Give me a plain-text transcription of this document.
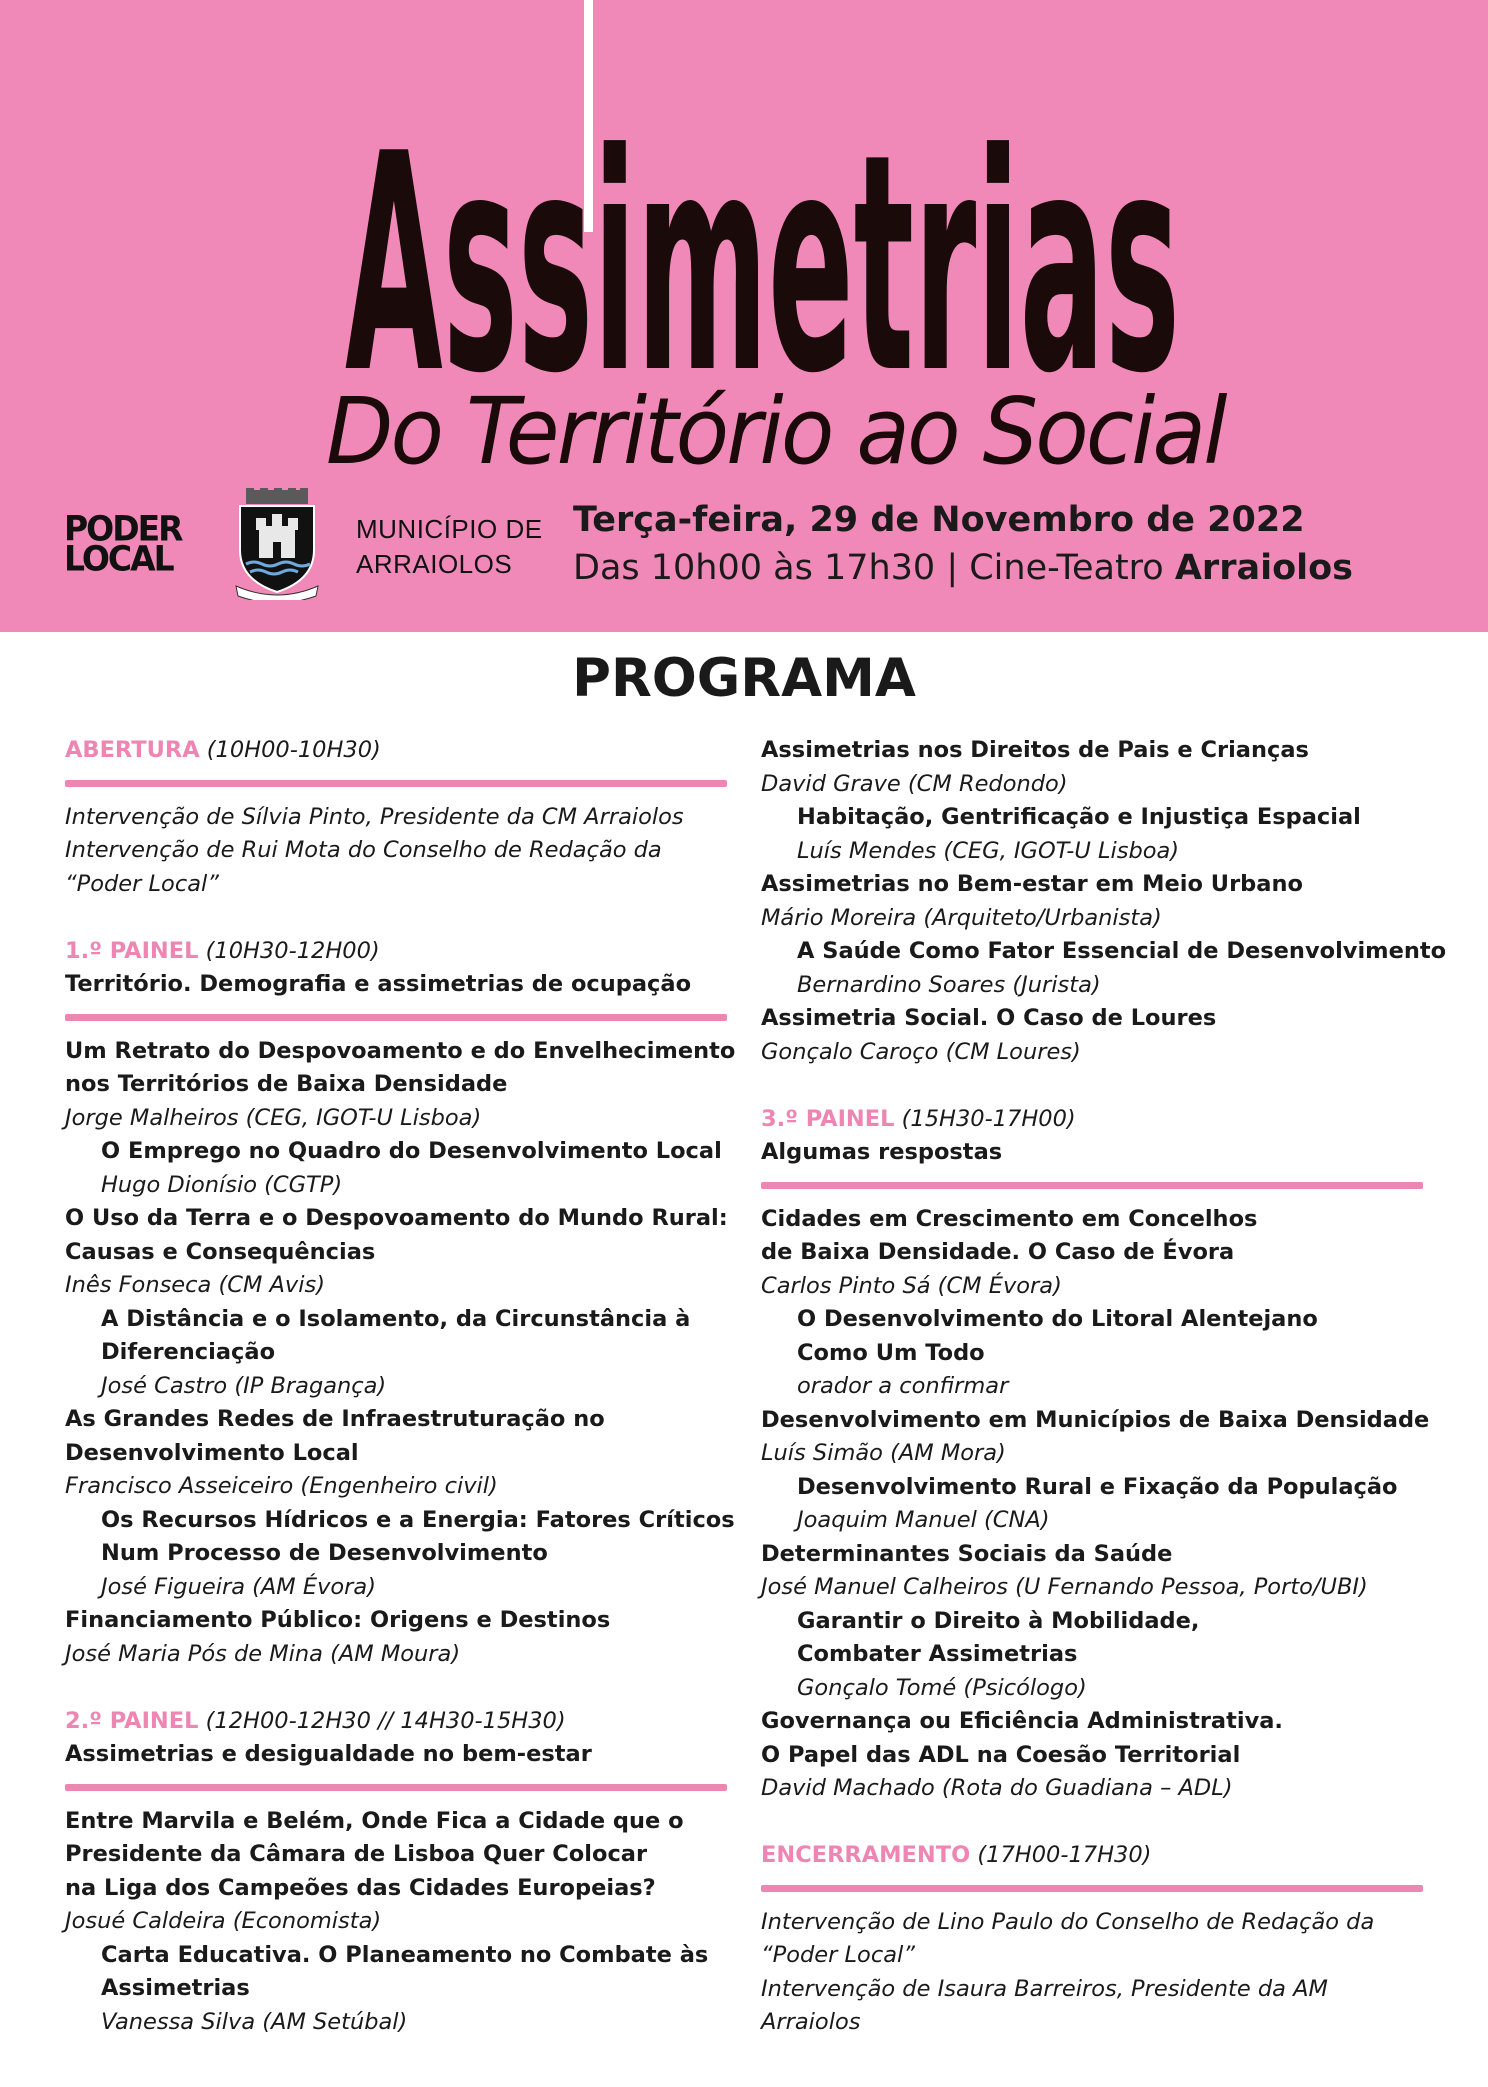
Assimetrias
Do Território ao Social
PODER
LOCAL
MUNICÍPIO DE
ARRAIOLOS
Terça-feira, 29 de Novembro de 2022
Das 10h00 às 17h30 | Cine-Teatro Arraiolos
PROGRAMA
ABERTURA (10H00-10H30)
Intervenção de Sílvia Pinto, Presidente da CM Arraiolos
Intervenção de Rui Mota do Conselho de Redação da
“Poder Local”
1.º PAINEL (10H30-12H00)
Território. Demografia e assimetrias de ocupação
Um Retrato do Despovoamento e do Envelhecimento
nos Territórios de Baixa Densidade
Jorge Malheiros (CEG, IGOT-U Lisboa)
O Emprego no Quadro do Desenvolvimento Local
Hugo Dionísio (CGTP)
O Uso da Terra e o Despovoamento do Mundo Rural:
Causas e Consequências
Inês Fonseca (CM Avis)
A Distância e o Isolamento, da Circunstância à
Diferenciação
José Castro (IP Bragança)
As Grandes Redes de Infraestruturação no
Desenvolvimento Local
Francisco Asseiceiro (Engenheiro civil)
Os Recursos Hídricos e a Energia: Fatores Críticos
Num Processo de Desenvolvimento
José Figueira (AM Évora)
Financiamento Público: Origens e Destinos
José Maria Pós de Mina (AM Moura)
2.º PAINEL (12H00-12H30 // 14H30-15H30)
Assimetrias e desigualdade no bem-estar
Entre Marvila e Belém, Onde Fica a Cidade que o
Presidente da Câmara de Lisboa Quer Colocar
na Liga dos Campeões das Cidades Europeias?
Josué Caldeira (Economista)
Carta Educativa. O Planeamento no Combate às
Assimetrias
Vanessa Silva (AM Setúbal)
Assimetrias nos Direitos de Pais e Crianças
David Grave (CM Redondo)
Habitação, Gentrificação e Injustiça Espacial
Luís Mendes (CEG, IGOT-U Lisboa)
Assimetrias no Bem-estar em Meio Urbano
Mário Moreira (Arquiteto/Urbanista)
A Saúde Como Fator Essencial de Desenvolvimento
Bernardino Soares (Jurista)
Assimetria Social. O Caso de Loures
Gonçalo Caroço (CM Loures)
3.º PAINEL (15H30-17H00)
Algumas respostas
Cidades em Crescimento em Concelhos
de Baixa Densidade. O Caso de Évora
Carlos Pinto Sá (CM Évora)
O Desenvolvimento do Litoral Alentejano
Como Um Todo
orador a confirmar
Desenvolvimento em Municípios de Baixa Densidade
Luís Simão (AM Mora)
Desenvolvimento Rural e Fixação da População
Joaquim Manuel (CNA)
Determinantes Sociais da Saúde
José Manuel Calheiros (U Fernando Pessoa, Porto/UBI)
Garantir o Direito à Mobilidade,
Combater Assimetrias
Gonçalo Tomé (Psicólogo)
Governança ou Eficiência Administrativa.
O Papel das ADL na Coesão Territorial
David Machado (Rota do Guadiana – ADL)
ENCERRAMENTO (17H00-17H30)
Intervenção de Lino Paulo do Conselho de Redação da
“Poder Local”
Intervenção de Isaura Barreiros, Presidente da AM
Arraiolos
